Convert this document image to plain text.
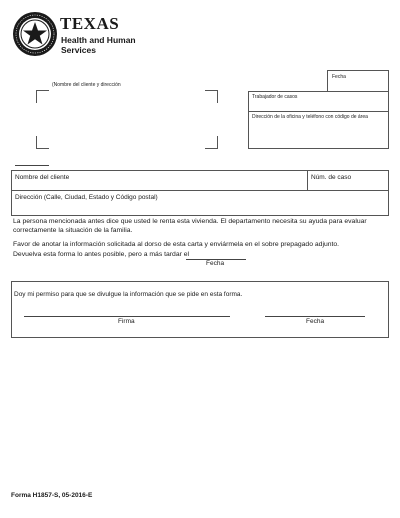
TEXAS
Health and Human
Services
(Nombre del cliente y dirección
Fecha
Trabajador de casos
Dirección de la oficina y teléfono con código de área
Nombre del cliente	Núm. de caso
Dirección (Calle, Ciudad, Estado y Código postal)
La persona mencionada antes dice que usted le renta esta vivienda. El departamento necesita su ayuda para evaluar
correctamente la situación de la familia.
Favor de anotar la información solicitada al dorso de esta carta y enviármela en el sobre prepagado adjunto.
Devuelva esta forma lo antes posible, pero a más tardar el
Fecha
Doy mi permiso para que se divulgue la información que se pide en esta forma.
Firma	Fecha
Forma H1857-S, 05-2016-E
